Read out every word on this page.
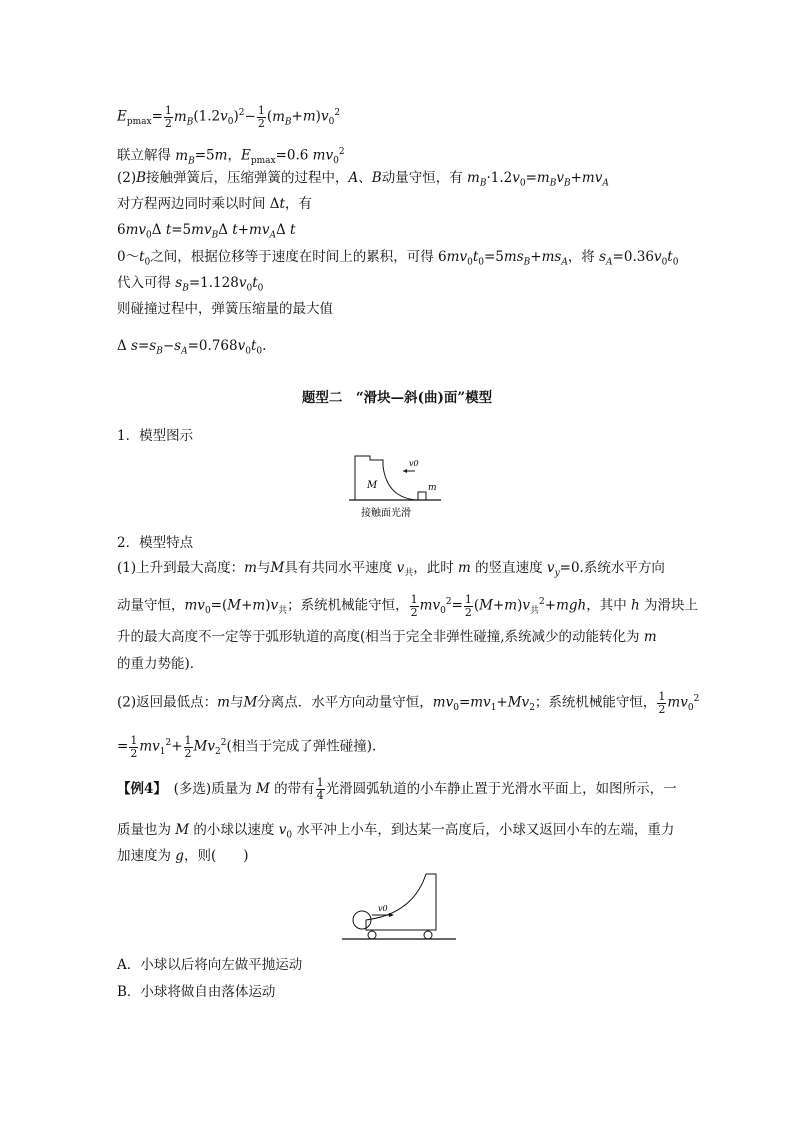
$E_{pmax}= \frac{1}{2} m_B(1.2v_0)^2- \frac{1}{2} (m_B+m)v_0^2$
联立解得 $m_B=5m$，$E_{pmax}=0.6$ $mv_0^2$
(2)B接触弹簧后，压缩弹簧的过程中，A、B动量守恒，有 $m_B\cdot 1.2v_0=m_Bv_B+mv_A$
对方程两边同时乘以时间 Δt，有
$6mv_0\Delta$ $t=5mv_B\Delta$ $t+mv_A\Delta$ t
$0\sim t_0$之间，根据位移等于速度在时间上的累积，可得 $6mv_0t_0=5ms_B+ms_A$，将 $s_A=0.36v_0t_0$
代入可得 $s_B=1.128v_0t_0$
则碰撞过程中，弹簧压缩量的最大值
Δ $s=s_B-s_A=0.768v_0t_0$.
题型二　“滑块—斜(曲)面”模型
1．模型图示
M	m
v0
接触面光滑
2．模型特点
(1)上升到最大高度：m与M具有共同水平速度 $v_共$，此时 m 的竖直速度 $v_y=0$.系统水平方向
动量守恒，$mv_0=(M+m)v_共$；系统机械能守恒， $\frac{1}{2} mv_0^2= \frac{1}{2} (M+m)v_共^2+mgh$，其中 h 为滑块上
升的最大高度不一定等于弧形轨道的高度(相当于完全非弹性碰撞,系统减少的动能转化为 m
的重力势能)．
(2)返回最低点：m与M分离点．水平方向动量守恒，$mv_0=mv_1+Mv_2$；系统机械能守恒， $\frac{1}{2} mv_0^2$
= $\frac{1}{2} mv_1^2+ \frac{1}{2} Mv_2^2$(相当于完成了弹性碰撞)．
【例4】　(多选)质量为 M 的带有 $\frac{1}{4}$ 光滑圆弧轨道的小车静止置于光滑水平面上，如图所示，一
质量也为 M 的小球以速度 $v_0$ 水平冲上小车，到达某一高度后，小球又返回小车的左端，重力
加速度为 g，则(　　)
v0
A．小球以后将向左做平抛运动
B．小球将做自由落体运动
